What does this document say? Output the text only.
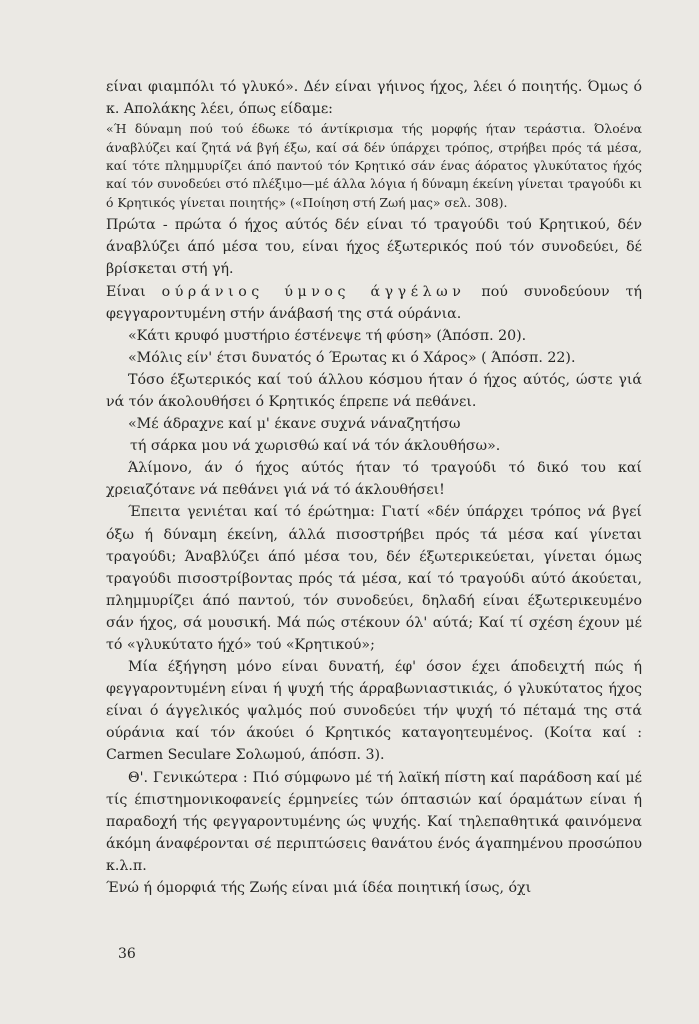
είναι φιαμπόλι τό γλυκό». Δέν είναι γήινος ήχος, λέει ό ποιητής. Όμως ό κ. Απολάκης λέει, όπως είδαμε:

«Ή δύναμη πού τού έδωκε τό άντίκρισμα τής μορφής ήταν τεράστια. Όλοένα άναβλύζει καί ζητά νά βγή έξω, καί σά δέν ύπάρχει τρόπος, στρήβει πρός τά μέσα, καί τότε πλημμυρίζει άπό παντού τόν Κρητικό σάν ένας άόρατος γλυκύτατος ήχός καί τόν συνοδεύει στό πλέξιμο—μέ άλλα λόγια ή δύναμη έκείνη γίνεται τραγούδι κι ό Κρητικός γίνεται ποιητής» («Ποίηση στή Ζωή μας» σελ. 308).

Πρώτα - πρώτα ό ήχος αύτός δέν είναι τό τραγούδι τού Κρητικού, δέν άναβλύζει άπό μέσα του, είναι ήχος έξωτερικός πού τόν συνοδεύει, δέ βρίσκεται στή γή.

Είναι ούράνιος ύμνος άγγέλων πού συνοδεύουν τή φεγγαροντυμένη στήν άνάβασή της στά ούράνια.

«Κάτι κρυφό μυστήριο έστένεψε τή φύση» (Άπόσπ. 20).

«Μόλις είν' έτσι δυνατός ό Έρωτας κι ό Χάρος» ( Άπόσπ. 22).

Τόσο έξωτερικός καί τού άλλου κόσμου ήταν ό ήχος αύτός, ώστε γιά νά τόν άκολουθήσει ό Κρητικός έπρεπε νά πεθάνει.

«Μέ άδραχνε καί μ' έκανε συχνά νάναζητήσω

τή σάρκα μου νά χωρισθώ καί νά τόν άκλουθήσω».

Άλίμονο, άν ό ήχος αύτός ήταν τό τραγούδι τό δικό του καί χρειαζότανε νά πεθάνει γιά νά τό άκλουθήσει!

Έπειτα γενιέται καί τό έρώτημα: Γιατί «δέν ύπάρχει τρόπος νά βγεί όξω ή δύναμη έκείνη, άλλά πισοστρήβει πρός τά μέσα καί γίνεται τραγούδι; Άναβλύζει άπό μέσα του, δέν έξωτερικεύεται, γίνεται όμως τραγούδι πισοστρίβοντας πρός τά μέσα, καί τό τραγούδι αύτό άκούεται, πλημμυρίζει άπό παντού, τόν συνοδεύει, δηλαδή είναι έξωτερικευμένο σάν ήχος, σά μουσική. Μά πώς στέκουν όλ' αύτά; Καί τί σχέση έχουν μέ τό «γλυκύτατο ήχό» τού «Κρητικού»;

Μία έξήγηση μόνο είναι δυνατή, έφ' όσον έχει άποδειχτή πώς ή φεγγαροντυμένη είναι ή ψυχή τής άρραβωνιαστικιάς, ό γλυκύτατος ήχος είναι ό άγγελικός ψαλμός πού συνοδεύει τήν ψυχή τό πέταμά της στά ούράνια καί τόν άκούει ό Κρητικός καταγοητευμένος. (Κοίτα καί : Carmen Seculare Σολωμού, άπόσπ. 3).

Θ'. Γενικώτερα : Πιό σύμφωνο μέ τή λαϊκή πίστη καί παράδοση καί μέ τίς έπιστημονικοφανείς έρμηνείες τών όπτασιών καί όραμάτων είναι ή παραδοχή τής φεγγαροντυμένης ώς ψυχής. Καί τηλεπαθητικά φαινόμενα άκόμη άναφέρονται σέ περιπτώσεις θανάτου ένός άγαπημένου προσώπου κ.λ.π.

Ένώ ή όμορφιά τής Ζωής είναι μιά ίδέα ποιητική ίσως, όχι

36
